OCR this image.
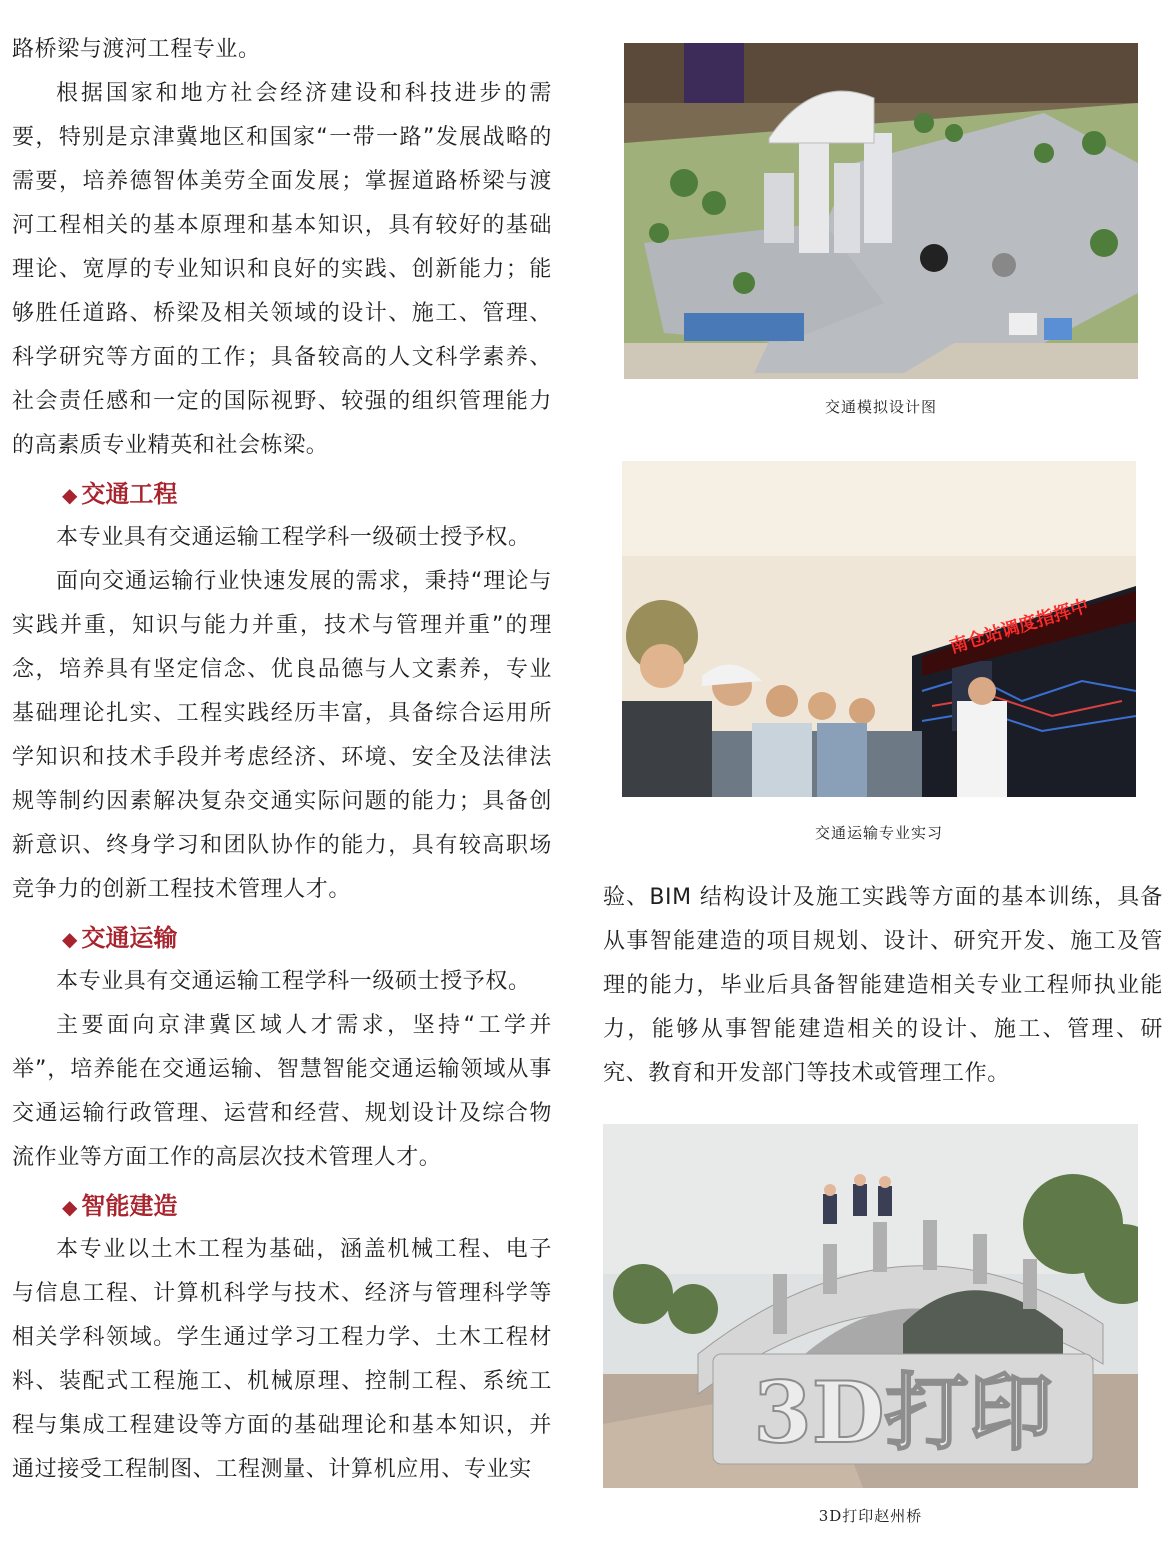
路桥梁与渡河工程专业。

根据国家和地方社会经济建设和科技进步的需要，特别是京津冀地区和国家“一带一路”发展战略的需要，培养德智体美劳全面发展；掌握道路桥梁与渡河工程相关的基本原理和基本知识，具有较好的基础理论、宽厚的专业知识和良好的实践、创新能力；能够胜任道路、桥梁及相关领域的设计、施工、管理、科学研究等方面的工作；具备较高的人文科学素养、社会责任感和一定的国际视野、较强的组织管理能力的高素质专业精英和社会栋梁。

◆ 交通工程

本专业具有交通运输工程学科一级硕士授予权。

面向交通运输行业快速发展的需求，秉持“理论与实践并重，知识与能力并重，技术与管理并重”的理念，培养具有坚定信念、优良品德与人文素养，专业基础理论扎实、工程实践经历丰富，具备综合运用所学知识和技术手段并考虑经济、环境、安全及法律法规等制约因素解决复杂交通实际问题的能力；具备创新意识、终身学习和团队协作的能力，具有较高职场竞争力的创新工程技术管理人才。

◆ 交通运输

本专业具有交通运输工程学科一级硕士授予权。

主要面向京津冀区域人才需求，坚持“工学并举”，培养能在交通运输、智慧智能交通运输领域从事交通运输行政管理、运营和经营、规划设计及综合物流作业等方面工作的高层次技术管理人才。

◆ 智能建造

本专业以土木工程为基础，涵盖机械工程、电子与信息工程、计算机科学与技术、经济与管理科学等相关学科领域。学生通过学习工程力学、土木工程材料、装配式工程施工、机械原理、控制工程、系统工程与集成工程建设等方面的基础理论和基本知识，并通过接受工程制图、工程测量、计算机应用、专业实

交通模拟设计图
南仓站调度指挥中
交通运输专业实习

验、BIM 结构设计及施工实践等方面的基本训练，具备从事智能建造的项目规划、设计、研究开发、施工及管理的能力，毕业后具备智能建造相关专业工程师执业能力，能够从事智能建造相关的设计、施工、管理、研究、教育和开发部门等技术或管理工作。

3D打印
3D打印赵州桥
